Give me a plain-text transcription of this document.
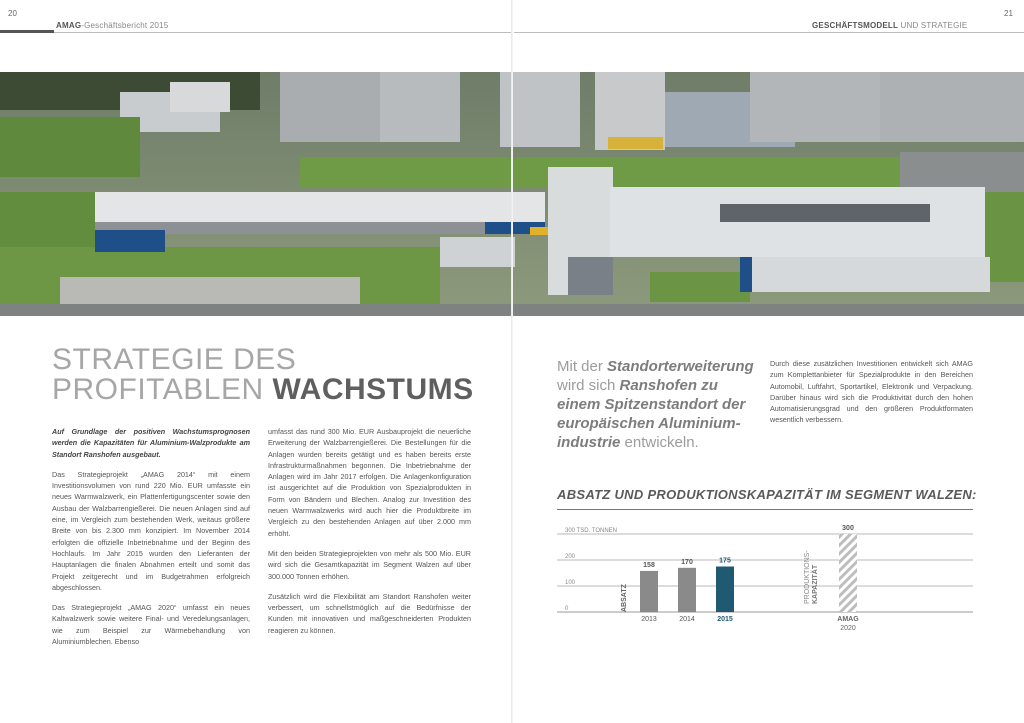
20
AMAG-Geschäftsbericht 2015
21
GESCHÄFTSMODELL UND STRATEGIE
STRATEGIE DES
PROFITABLEN WACHSTUMS

Auf Grundlage der positiven Wachstumsprognosen werden die Kapazitäten für Aluminium-Walzprodukte am Standort Ranshofen ausgebaut.

Das Strategieprojekt „AMAG 2014“ mit einem Investitionsvolumen von rund 220 Mio. EUR umfasste ein neues Warmwalzwerk, ein Plattenfertigungscenter sowie den Ausbau der Walzbarrengießerei. Die neuen Anlagen sind auf eine, im Vergleich zum bestehenden Werk, weitaus größere Breite von bis 2.300 mm konzipiert. Im November 2014 erfolgten die offizielle Inbetriebnahme und der Beginn des Hochlaufs. Im Jahr 2015 wurden den Lieferanten der Hauptanlagen die finalen Abnahmen erteilt und somit das Projekt zeitgerecht und im Budgetrahmen erfolgreich abgeschlossen.

Das Strategieprojekt „AMAG 2020“ umfasst ein neues Kaltwalzwerk sowie weitere Final- und Veredelungsanlagen, wie zum Beispiel zur Wärmebehandlung von Aluminiumblechen. Ebenso

umfasst das rund 300 Mio. EUR Ausbauprojekt die neuerliche Erweiterung der Walzbarrengießerei. Die Bestellungen für die Anlagen wurden bereits getätigt und es haben bereits erste Infrastrukturmaßnahmen begonnen. Die Inbetriebnahme der Anlagen wird im Jahr 2017 erfolgen. Die Anlagenkonfiguration ist ausgerichtet auf die Produktion von Spezialprodukten in Form von Bändern und Blechen. Analog zur Investition des neuen Warmwalzwerks wird auch hier die Produktbreite im Vergleich zu den bestehenden Anlagen auf über 2.000 mm erhöht.

Mit den beiden Strategieprojekten von mehr als 500 Mio. EUR wird sich die Gesamtkapazität im Segment Walzen auf über 300.000 Tonnen erhöhen.

Zusätzlich wird die Flexibilität am Standort Ranshofen weiter verbessert, um schnellstmöglich auf die Bedürfnisse der Kunden mit innovativen und maßgeschneiderten Produkten reagieren zu können.

Mit der Standorterweiterung wird sich Ranshofen zu einem Spitzenstandort der europäischen Aluminium-industrie entwickeln.

Durch diese zusätzlichen Investitionen entwickelt sich AMAG zum Komplettanbieter für Spezialprodukte in den Bereichen Automobil, Luftfahrt, Sportartikel, Elektronik und Verpackung. Darüber hinaus wird sich die Produktivität durch den hohen Automatisierungsgrad und den größeren Produktformaten wesentlich verbessern.

ABSATZ UND PRODUKTIONSKAPAZITÄT IM SEGMENT WALZEN:
0
100
200
300 TSD. TONNEN
ABSATZ
158
2013
170
2014
175
2015
PRODUKTIONS- KAPAZITÄT
300
AMAG
2020
